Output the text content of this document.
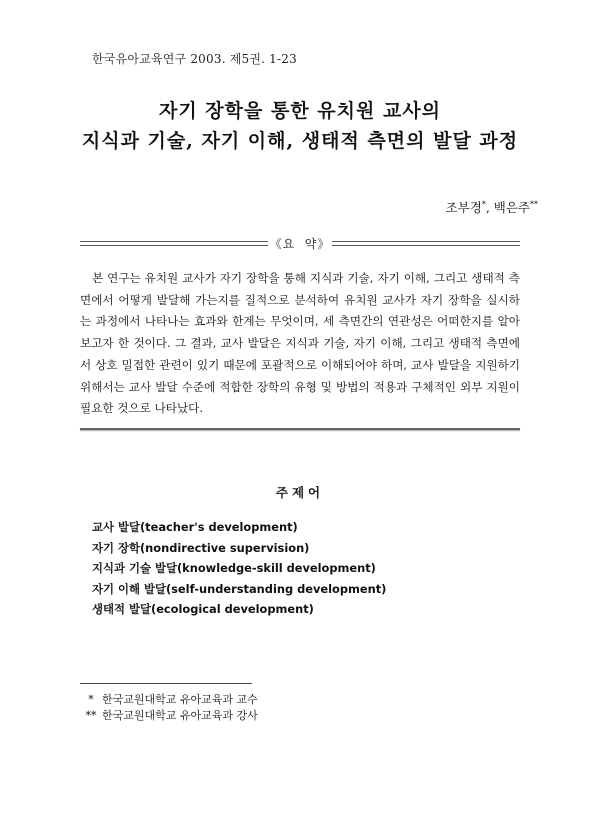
한국유아교육연구 2003. 제5권. 1-23
자기 장학을 통한 유치원 교사의
지식과 기술, 자기 이해, 생태적 측면의 발달 과정
조부경*, 백은주**
《요  약》

본 연구는 유치원 교사가 자기 장학을 통해 지식과 기술, 자기 이해, 그리고 생태적 측면에서 어떻게 발달해 가는지를 질적으로 분석하여 유치원 교사가 자기 장학을 실시하는 과정에서 나타나는 효과와 한계는 무엇이며, 세 측면간의 연관성은 어떠한지를 알아보고자 한 것이다. 그 결과, 교사 발달은 지식과 기술, 자기 이해, 그리고 생태적 측면에서 상호 밀접한 관련이 있기 때문에 포괄적으로 이해되어야 하며, 교사 발달을 지원하기 위해서는 교사 발달 수준에 적합한 장학의 유형 및 방법의 적용과 구체적인 외부 지원이 필요한 것으로 나타났다.

주제어
교사 발달(teacher's development)
자기 장학(nondirective supervision)
지식과 기술 발달(knowledge-skill development)
자기 이해 발달(self-understanding development)
생태적 발달(ecological development)
* 한국교원대학교 유아교육과 교수
** 한국교원대학교 유아교육과 강사
